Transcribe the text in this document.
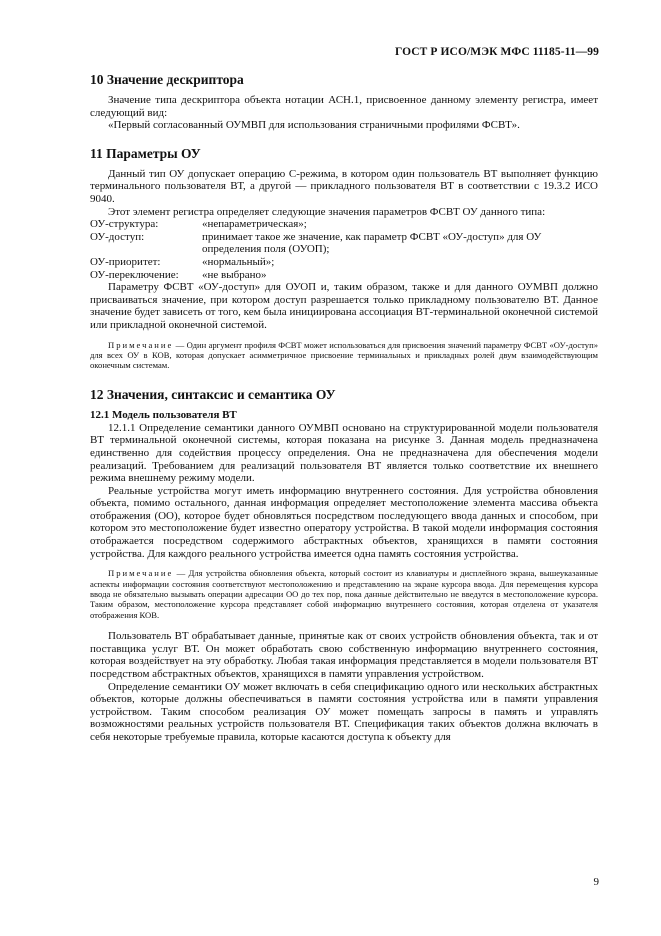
ГОСТ Р ИСО/МЭК МФС 11185-11—99
10 Значение дескриптора

Значение типа дескриптора объекта нотации АСН.1, присвоенное данному элементу регистра, имеет следующий вид:

«Первый согласованный ОУМВП для использования страничными профилями ФСВТ».

11 Параметры ОУ

Данный тип ОУ допускает операцию С-режима, в котором один пользователь ВТ выполняет функцию терминального пользователя ВТ, а другой — прикладного пользователя ВТ в соответствии с 19.3.2 ИСО 9040.

Этот элемент регистра определяет следующие значения параметров ФСВТ ОУ данного типа:

ОУ-структура:	«непараметрическая»;
ОУ-доступ:	принимает такое же значение, как параметр ФСВТ «ОУ-доступ» для ОУ определения поля (ОУОП);
ОУ-приоритет:	«нормальный»;
ОУ-переключение:	«не выбрано»

Параметру ФСВТ «ОУ-доступ» для ОУОП и, таким образом, также и для данного ОУМВП должно присваиваться значение, при котором доступ разрешается только прикладному пользователю ВТ. Данное значение будет зависеть от того, кем была инициирована ассоциация ВТ-терминальной оконечной системой или прикладной оконечной системой.

Примечание — Один аргумент профиля ФСВТ может использоваться для присвоения значений параметру ФСВТ «ОУ-доступ» для всех ОУ в КОВ, которая допускает асимметричное присвоение терминальных и прикладных ролей двум взаимодействующим оконечным системам.

12 Значения, синтаксис и семантика ОУ
12.1 Модель пользователя ВТ

12.1.1 Определение семантики данного ОУМВП основано на структурированной модели пользователя ВТ терминальной оконечной системы, которая показана на рисунке 3. Данная модель предназначена единственно для содействия процессу определения. Она не предназначена для обеспечения модели реализаций. Требованием для реализаций пользователя ВТ является только соответствие их внешнего режима внешнему режиму модели.

Реальные устройства могут иметь информацию внутреннего состояния. Для устройства обновления объекта, помимо остального, данная информация определяет местоположение элемента массива объекта отображения (ОО), которое будет обновляться посредством последующего ввода данных и способом, при котором это местоположение будет известно оператору устройства. В такой модели информация состояния отображается посредством содержимого абстрактных объектов, хранящихся в памяти состояния устройства. Для каждого реального устройства имеется одна память состояния устройства.

Примечание — Для устройства обновления объекта, который состоит из клавиатуры и дисплейного экрана, вышеуказанные аспекты информации состояния соответствуют местоположению и представлению на экране курсора ввода. Для перемещения курсора ввода не обязательно вызывать операции адресации ОО до тех пор, пока данные действительно не введутся в местоположение курсора. Таким образом, местоположение курсора представляет собой информацию внутреннего состояния, которая отделена от указателя отображения КОВ.

Пользователь ВТ обрабатывает данные, принятые как от своих устройств обновления объекта, так и от поставщика услуг ВТ. Он может обработать свою собственную информацию внутреннего состояния, которая воздействует на эту обработку. Любая такая информация представляется в модели пользователя ВТ посредством абстрактных объектов, хранящихся в памяти управления устройством.

Определение семантики ОУ может включать в себя спецификацию одного или нескольких абстрактных объектов, которые должны обеспечиваться в памяти состояния устройства или в памяти управления устройством. Таким способом реализация ОУ может помещать запросы в память и управлять возможностями реальных устройств пользователя ВТ. Спецификация таких объектов должна включать в себя некоторые требуемые правила, которые касаются доступа к объекту для

9
